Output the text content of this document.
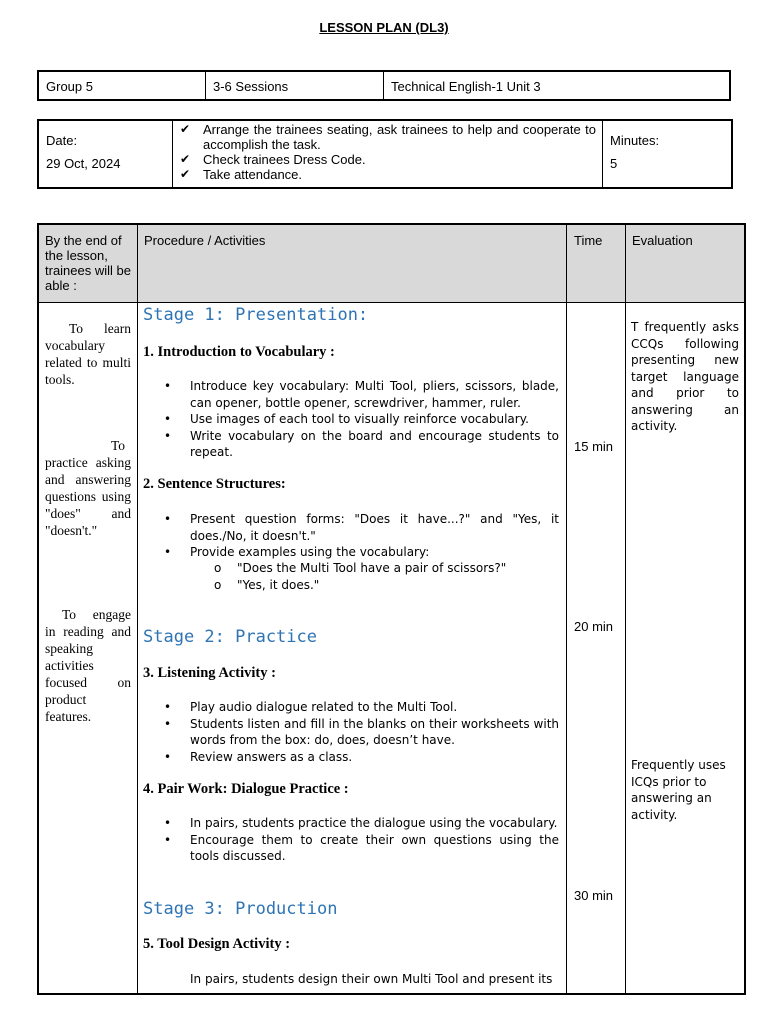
LESSON PLAN (DL3)
Group 5	3-6 Sessions	Technical English-1 Unit 3
Date:
29 Oct, 2024
✔ Arrange the trainees seating, ask trainees to help and cooperate to accomplish the task.
✔ Check trainees Dress Code.
✔ Take attendance.
Minutes:
5
By the end of the lesson, trainees will be able :
To learn vocabulary related to multi tools.
To practice asking and answering questions using "does" and "doesn't."
To engage in reading and speaking activities focused on product features.
Procedure / Activities
Stage 1: Presentation:
1. Introduction to Vocabulary :
• Introduce key vocabulary: Multi Tool, pliers, scissors, blade, can opener, bottle opener, screwdriver, hammer, ruler.
• Use images of each tool to visually reinforce vocabulary.
• Write vocabulary on the board and encourage students to repeat.
2. Sentence Structures:
• Present question forms: "Does it have...?" and "Yes, it does./No, it doesn't."
• Provide examples using the vocabulary:
o "Does the Multi Tool have a pair of scissors?"
o "Yes, it does."
Stage 2: Practice
3. Listening Activity :
• Play audio dialogue related to the Multi Tool.
• Students listen and fill in the blanks on their worksheets with words from the box: do, does, doesn’t have.
• Review answers as a class.
4. Pair Work: Dialogue Practice :
• In pairs, students practice the dialogue using the vocabulary.
• Encourage them to create their own questions using the tools discussed.
Stage 3: Production
5. Tool Design Activity :
• In pairs, students design their own Multi Tool and present its
Time
15 min
20 min
30 min
Evaluation
T frequently asks CCQs following presenting new target language and prior to answering an activity.
Frequently uses ICQs prior to answering an activity.
